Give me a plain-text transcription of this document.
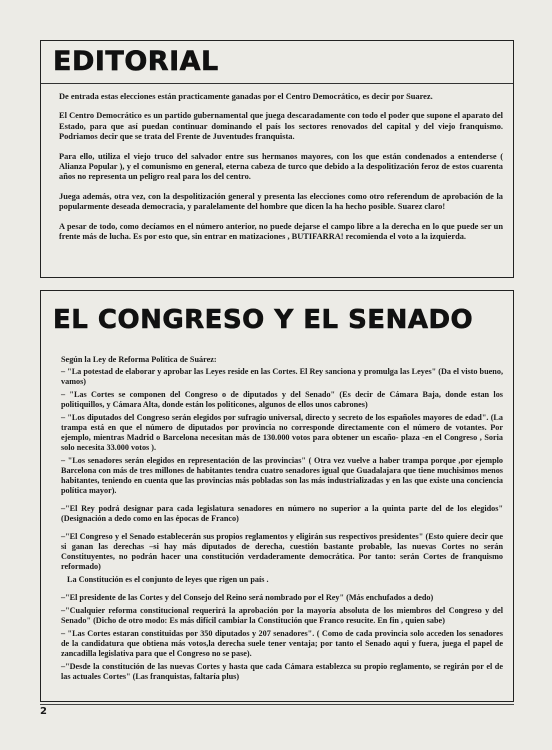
EDITORIAL

De entrada estas elecciones están practicamente ganadas por el Centro Democrático, es decir por Suarez.

El Centro Democrático es un partido gubernamental que juega descaradamente con todo el poder que supone el aparato del Estado, para que así puedan continuar dominando el país los sectores renovados del capital y del viejo franquismo. Podriamos decir que se trata del Frente de Juventudes franquista.

Para ello, utiliza el viejo truco del salvador entre sus hermanos mayores, con los que están condenados a entenderse ( Alianza Popular ), y el comunismo en general, eterna cabeza de turco que debido a la despolitización feroz de estos cuarenta años no representa un peligro real para los del centro.

Juega además, otra vez, con la despolitización general y presenta las elecciones como otro referendum de aprobación de la popularmente deseada democracia, y paralelamente del hombre que dicen la ha hecho posible. Suarez claro!

A pesar de todo, como decíamos en el número anterior, no puede dejarse el campo libre a la derecha en lo que puede ser un frente más de lucha. Es por esto que, sin entrar en matizaciones , BUTIFARRA! recomienda el voto a la izquierda.

EL CONGRESO Y EL SENADO
Según la Ley de Reforma Política de Suárez:
– "La potestad de elaborar y aprobar las Leyes reside en las Cortes. El Rey sanciona y promulga las Leyes" (Da el visto bueno, vamos)
– "Las Cortes se componen del Congreso o de diputados y del Senado" (Es decir de Cámara Baja, donde estan los politiquillos, y Cámara Alta, donde están los politicones, algunos de ellos unos cabrones)
– "Los diputados del Congreso serán elegidos por sufragio universal, directo y secreto de los españoles mayores de edad". (La trampa está en que el número de diputados por provincia no corresponde directamente con el número de votantes. Por ejemplo, mientras Madrid o Barcelona necesitan más de 130.000 votos para obtener un escaño- plaza -en el Congreso , Soria solo necesita 33.000 votos ).
– "Los senadores serán elegidos en representación de las provincias" ( Otra vez vuelve a haber trampa porque ,por ejemplo Barcelona con más de tres millones de habitantes tendra cuatro senadores igual que Guadalajara que tiene muchisimos menos habitantes, teniendo en cuenta que las provincias más pobladas son las más industrializadas y en las que existe una conciencia política mayor).
–"El Rey podrá designar para cada legislatura senadores en número no superior a la quinta parte del de los elegidos" (Designación a dedo como en las épocas de Franco)
–"El Congreso y el Senado establecerán sus propios reglamentos y eligirán sus respectivos presidentes" (Esto quiere decir que si ganan las derechas –si hay más diputados de derecha, cuestión bastante probable, las nuevas Cortes no serán Constituyentes, no podrán hacer una constitución verdaderamente democrática. Por tanto: serán Cortes de franquismo reformado)
La Constitución es el conjunto de leyes que rigen un país .
–"El presidente de las Cortes y del Consejo del Reino será nombrado por el Rey" (Más enchufados a dedo)
–"Cualquier reforma constitucional requerirá la aprobación por la mayoría absoluta de los miembros del Congreso y del Senado" (Dicho de otro modo: Es más difícil cambiar la Constitución que Franco resucite. En fin , quien sabe)
– "Las Cortes estaran constituidas por 350 diputados y 207 senadores". ( Como de cada provincia solo acceden los senadores de la candidatura que obtiena más votos,la derecha suele tener ventaja; por tanto el Senado aqui y fuera, juega el papel de zancadilla legislativa para que el Congreso no se pase).
–"Desde la constitución de las nuevas Cortes y hasta que cada Cámara establezca su propio reglamento, se regirán por el de las actuales Cortes" (Las franquistas, faltaría plus)
2
